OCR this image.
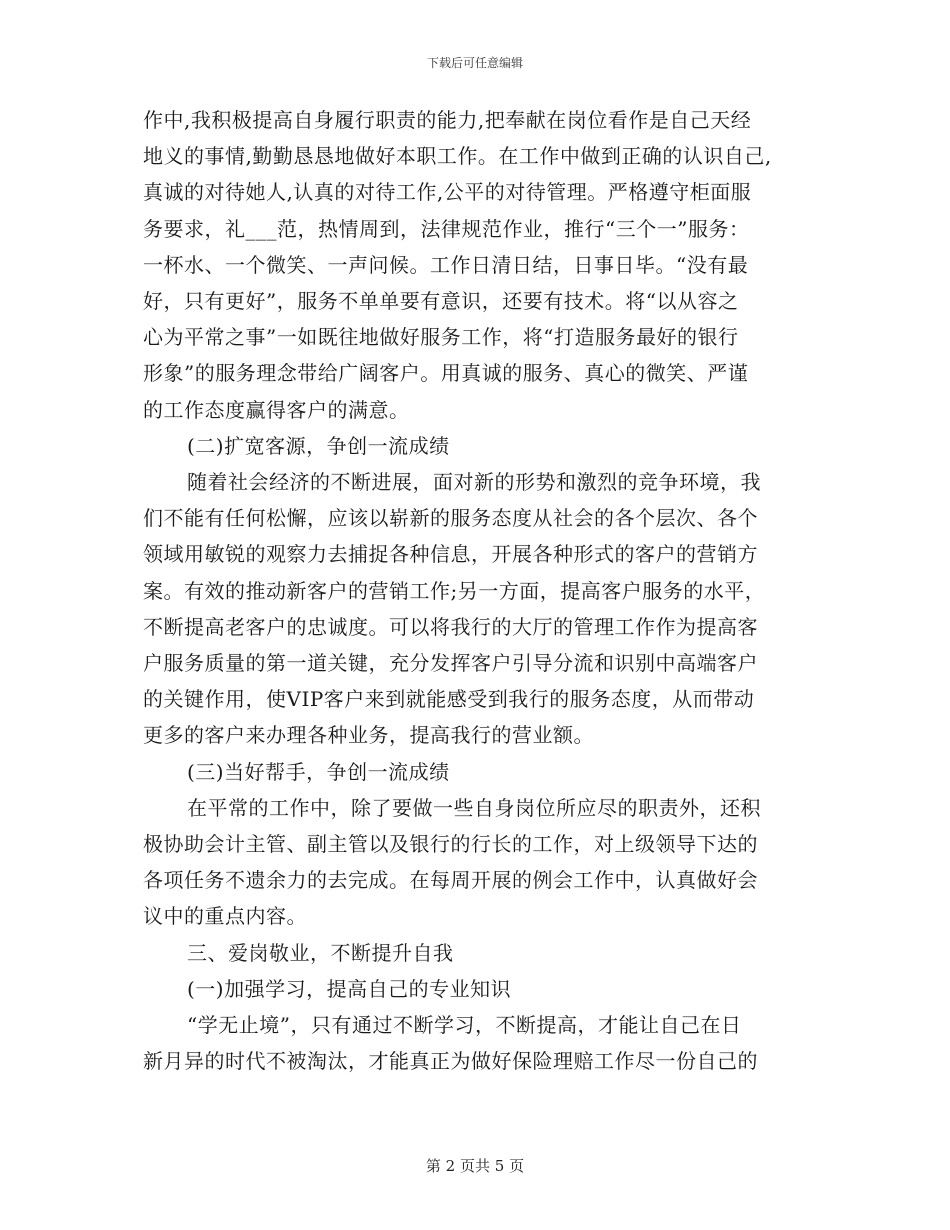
下载后可任意编辑
作中,我积极提高自身履行职责的能力,把奉献在岗位看作是自己天经
地义的事情,勤勤恳恳地做好本职工作。在工作中做到正确的认识自己,
真诚的对待她人,认真的对待工作,公平的对待管理。严格遵守柜面服
务要求，礼___范，热情周到，法律规范作业，推行“三个一”服务：
一杯水、一个微笑、一声问候。工作日清日结，日事日毕。“没有最
好，只有更好”，服务不单单要有意识，还要有技术。将“以从容之
心为平常之事”一如既往地做好服务工作，将“打造服务最好的银行
形象”的服务理念带给广阔客户。用真诚的服务、真心的微笑、严谨
的工作态度赢得客户的满意。
(二)扩宽客源，争创一流成绩
随着社会经济的不断进展，面对新的形势和激烈的竞争环境，我
们不能有任何松懈，应该以崭新的服务态度从社会的各个层次、各个
领域用敏锐的观察力去捕捉各种信息，开展各种形式的客户的营销方
案。有效的推动新客户的营销工作;另一方面，提高客户服务的水平，
不断提高老客户的忠诚度。可以将我行的大厅的管理工作作为提高客
户服务质量的第一道关键，充分发挥客户引导分流和识别中高端客户
的关键作用，使VIP客户来到就能感受到我行的服务态度，从而带动
更多的客户来办理各种业务，提高我行的营业额。
(三)当好帮手，争创一流成绩
在平常的工作中，除了要做一些自身岗位所应尽的职责外，还积
极协助会计主管、副主管以及银行的行长的工作，对上级领导下达的
各项任务不遗余力的去完成。在每周开展的例会工作中，认真做好会
议中的重点内容。
三、爱岗敬业，不断提升自我
(一)加强学习，提高自己的专业知识
“学无止境”，只有通过不断学习，不断提高，才能让自己在日
新月异的时代不被淘汰，才能真正为做好保险理赔工作尽一份自己的
第 2 页共 5 页
